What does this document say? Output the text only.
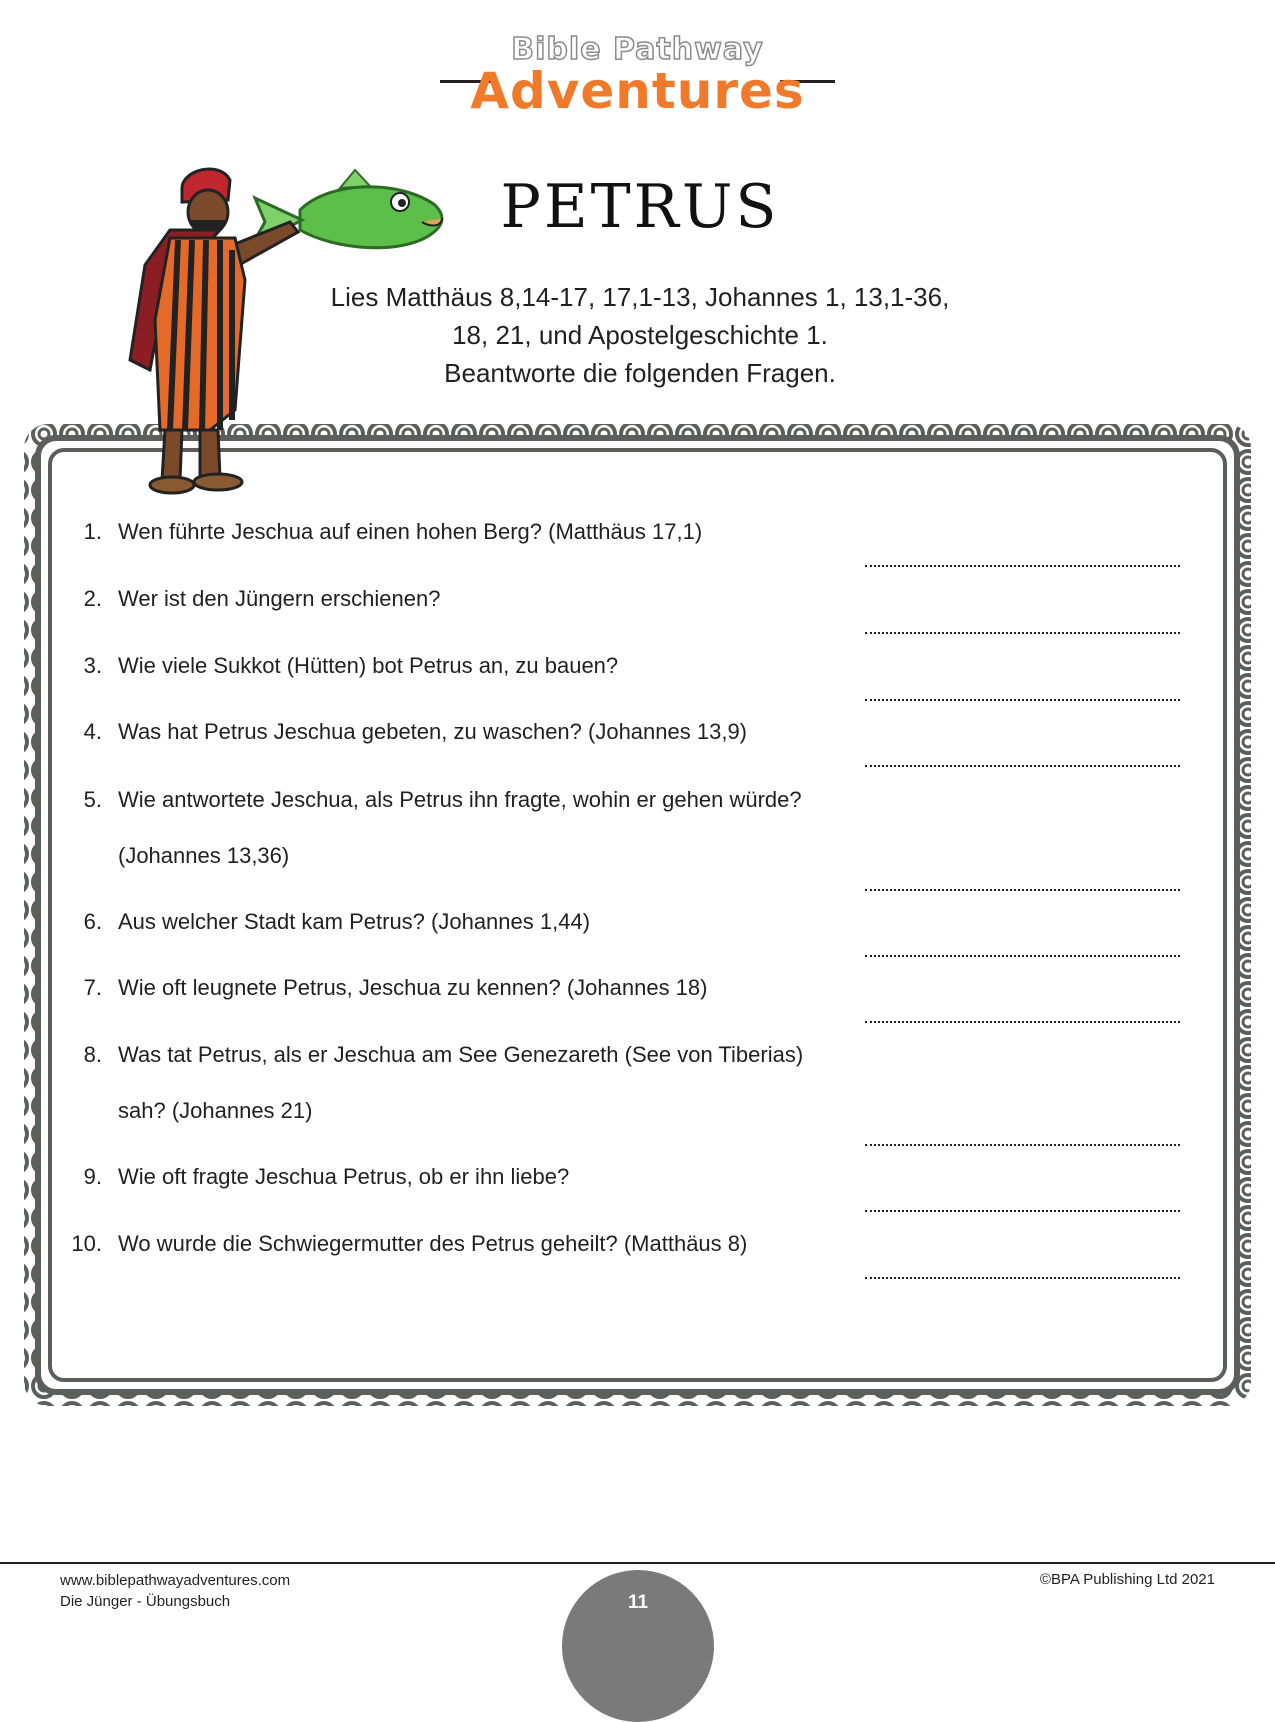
Bible Pathway
Adventures
PETRUS
Lies Matthäus 8,14-17, 17,1-13, Johannes 1, 13,1-36,
18, 21, und Apostelgeschichte 1.
Beantworte die folgenden Fragen.
1. Wen führte Jeschua auf einen hohen Berg? (Matthäus 17,1)
2. Wer ist den Jüngern erschienen?
3. Wie viele Sukkot (Hütten) bot Petrus an, zu bauen?
4. Was hat Petrus Jeschua gebeten, zu waschen? (Johannes 13,9)
5. Wie antwortete Jeschua, als Petrus ihn fragte, wohin er gehen würde?
(Johannes 13,36)
6. Aus welcher Stadt kam Petrus? (Johannes 1,44)
7. Wie oft leugnete Petrus, Jeschua zu kennen? (Johannes 18)
8. Was tat Petrus, als er Jeschua am See Genezareth (See von Tiberias)
sah? (Johannes 21)
9. Wie oft fragte Jeschua Petrus, ob er ihn liebe?
10. Wo wurde die Schwiegermutter des Petrus geheilt? (Matthäus 8)
www.biblepathwayadventures.com
Die Jünger - Übungsbuch
©BPA Publishing Ltd 2021
11
